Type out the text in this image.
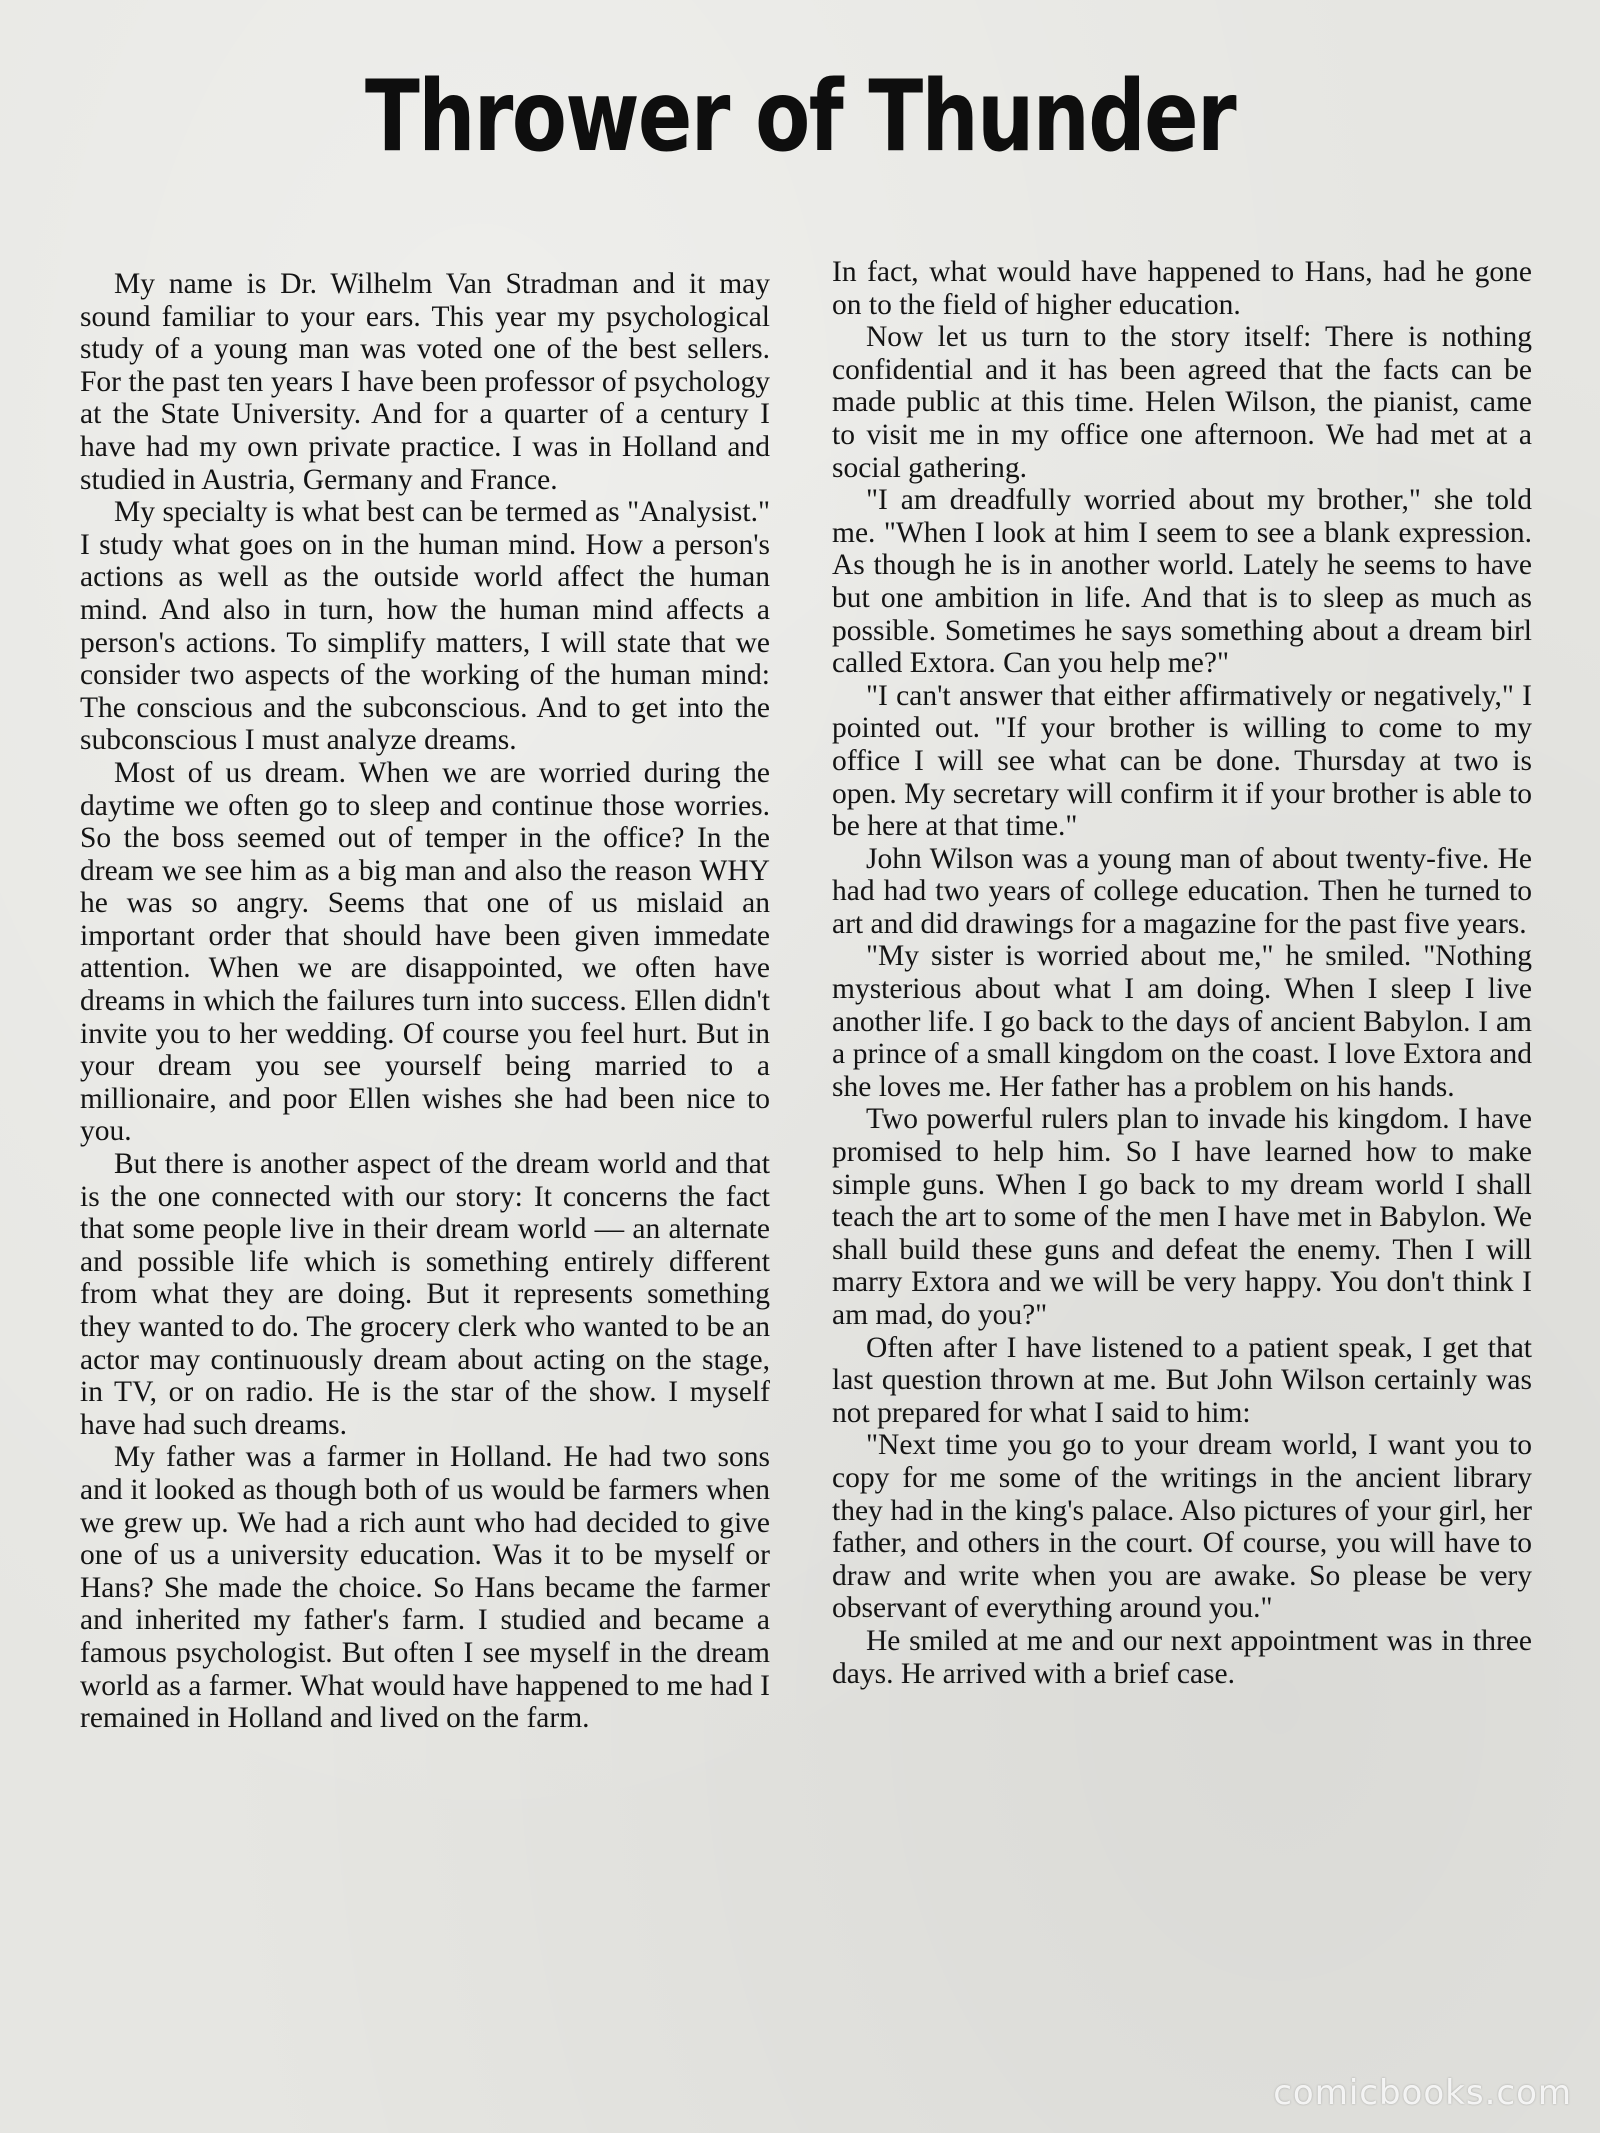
Thrower of Thunder

My name is Dr. Wilhelm Van Stradman and it may sound familiar to your ears. This year my psychological study of a young man was voted one of the best sellers. For the past ten years I have been professor of psychology at the State University. And for a quarter of a century I have had my own private practice. I was in Holland and studied in Austria, Germany and France.

My specialty is what best can be termed as "Analysist." I study what goes on in the human mind. How a person's actions as well as the outside world affect the human mind. And also in turn, how the human mind affects a person's actions. To simplify matters, I will state that we consider two aspects of the working of the human mind: The conscious and the subconscious. And to get into the subconscious I must analyze dreams.

Most of us dream. When we are worried during the daytime we often go to sleep and continue those worries. So the boss seemed out of temper in the office? In the dream we see him as a big man and also the reason WHY he was so angry. Seems that one of us mislaid an important order that should have been given immedate attention. When we are disappointed, we often have dreams in which the failures turn into success. Ellen didn't invite you to her wedding. Of course you feel hurt. But in your dream you see yourself being married to a millionaire, and poor Ellen wishes she had been nice to you.

But there is another aspect of the dream world and that is the one connected with our story: It concerns the fact that some people live in their dream world — an alternate and possible life which is something entirely different from what they are doing. But it represents something they wanted to do. The grocery clerk who wanted to be an actor may continuously dream about acting on the stage, in TV, or on radio. He is the star of the show. I myself have had such dreams.

My father was a farmer in Holland. He had two sons and it looked as though both of us would be farmers when we grew up. We had a rich aunt who had decided to give one of us a university education. Was it to be myself or Hans? She made the choice. So Hans became the farmer and inherited my father's farm. I studied and became a famous psychologist. But often I see myself in the dream world as a farmer. What would have happened to me had I remained in Holland and lived on the farm.

In fact, what would have happened to Hans, had he gone on to the field of higher education.

Now let us turn to the story itself: There is nothing confidential and it has been agreed that the facts can be made public at this time. Helen Wilson, the pianist, came to visit me in my office one afternoon. We had met at a social gathering.

"I am dreadfully worried about my brother," she told me. "When I look at him I seem to see a blank expression. As though he is in another world. Lately he seems to have but one ambition in life. And that is to sleep as much as possible. Sometimes he says something about a dream birl called Extora. Can you help me?"

"I can't answer that either affirmatively or negatively," I pointed out. "If your brother is willing to come to my office I will see what can be done. Thursday at two is open. My secretary will confirm it if your brother is able to be here at that time."

John Wilson was a young man of about twenty-five. He had had two years of college education. Then he turned to art and did drawings for a magazine for the past five years.

"My sister is worried about me," he smiled. "Nothing mysterious about what I am doing. When I sleep I live another life. I go back to the days of ancient Babylon. I am a prince of a small kingdom on the coast. I love Extora and she loves me. Her father has a problem on his hands.

Two powerful rulers plan to invade his kingdom. I have promised to help him. So I have learned how to make simple guns. When I go back to my dream world I shall teach the art to some of the men I have met in Babylon. We shall build these guns and defeat the enemy. Then I will marry Extora and we will be very happy. You don't think I am mad, do you?"

Often after I have listened to a patient speak, I get that last question thrown at me. But John Wilson certainly was not prepared for what I said to him:

"Next time you go to your dream world, I want you to copy for me some of the writings in the ancient library they had in the king's palace. Also pictures of your girl, her father, and others in the court. Of course, you will have to draw and write when you are awake. So please be very observant of everything around you."

He smiled at me and our next appointment was in three days. He arrived with a brief case.

comicbooks.com
